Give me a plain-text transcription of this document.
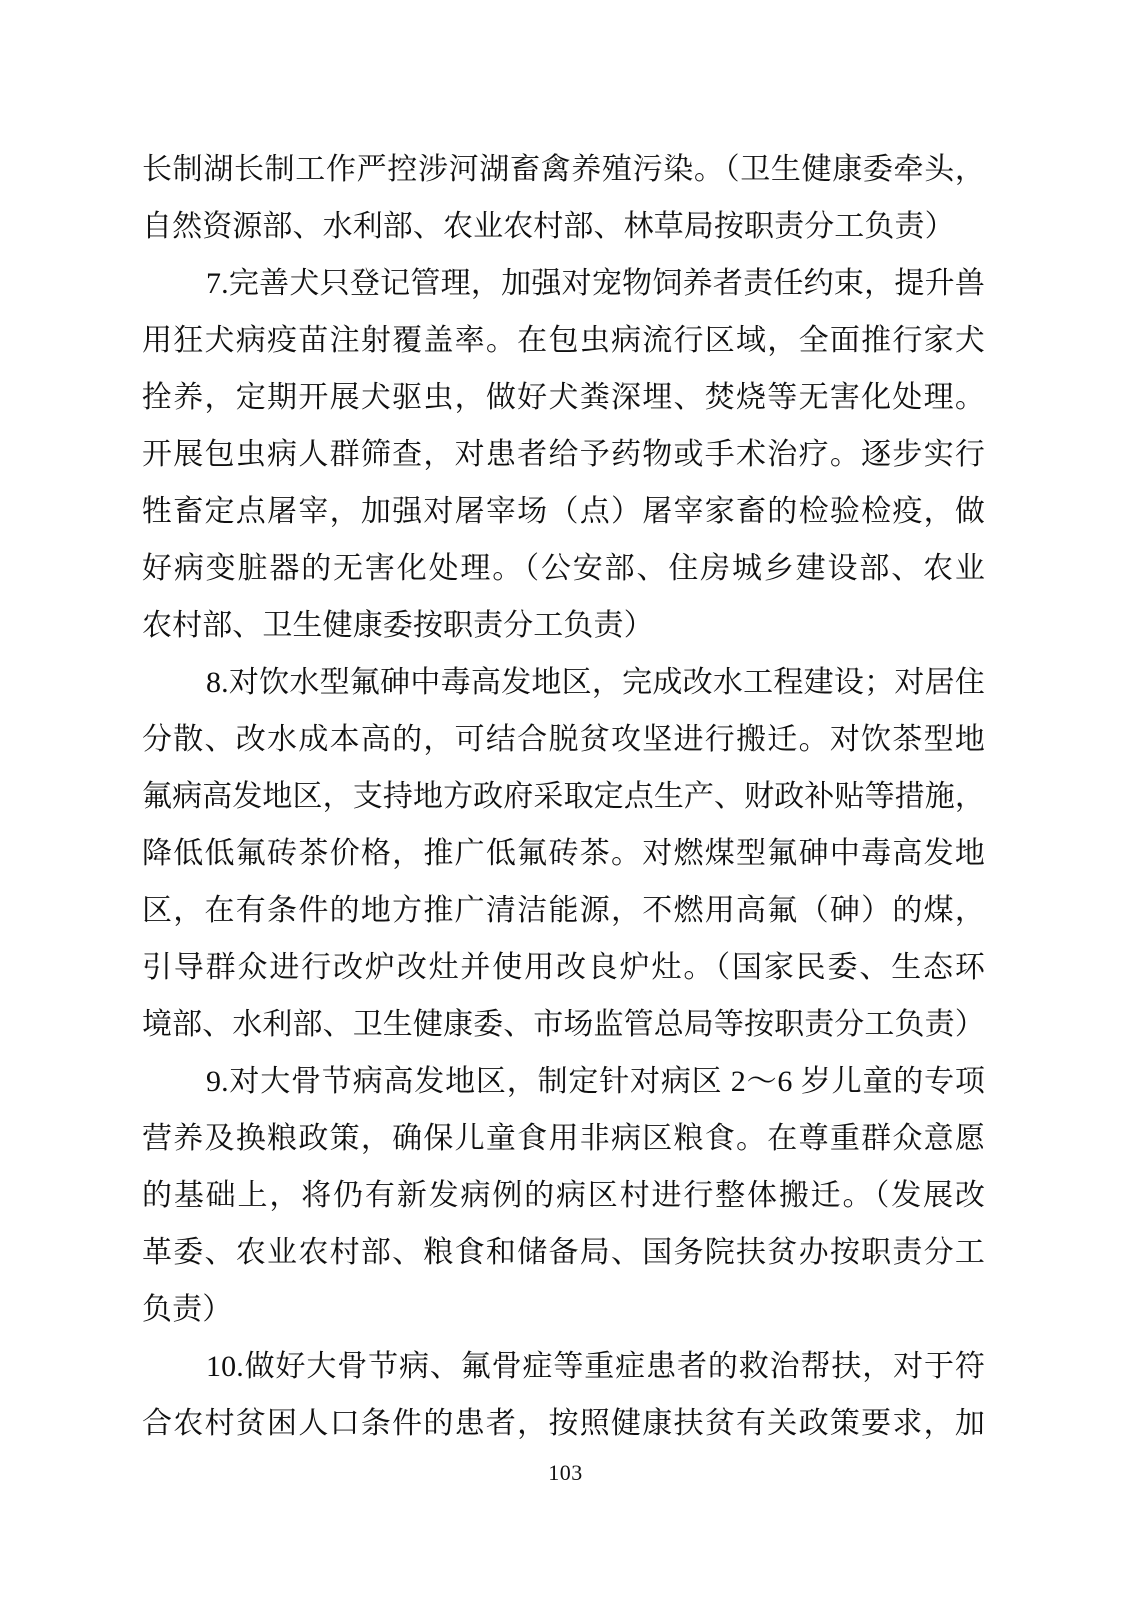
长制湖长制工作严控涉河湖畜禽养殖污染。（卫生健康委牵头，
自然资源部、水利部、农业农村部、林草局按职责分工负责）
7.完善犬只登记管理，加强对宠物饲养者责任约束，提升兽
用狂犬病疫苗注射覆盖率。在包虫病流行区域，全面推行家犬
拴养，定期开展犬驱虫，做好犬粪深埋、焚烧等无害化处理。
开展包虫病人群筛查，对患者给予药物或手术治疗。逐步实行
牲畜定点屠宰，加强对屠宰场（点）屠宰家畜的检验检疫，做
好病变脏器的无害化处理。（公安部、住房城乡建设部、农业
农村部、卫生健康委按职责分工负责）
8.对饮水型氟砷中毒高发地区，完成改水工程建设；对居住
分散、改水成本高的，可结合脱贫攻坚进行搬迁。对饮茶型地
氟病高发地区，支持地方政府采取定点生产、财政补贴等措施，
降低低氟砖茶价格，推广低氟砖茶。对燃煤型氟砷中毒高发地
区，在有条件的地方推广清洁能源，不燃用高氟（砷）的煤，
引导群众进行改炉改灶并使用改良炉灶。（国家民委、生态环
境部、水利部、卫生健康委、市场监管总局等按职责分工负责）
9.对大骨节病高发地区，制定针对病区 2～6 岁儿童的专项
营养及换粮政策，确保儿童食用非病区粮食。在尊重群众意愿
的基础上，将仍有新发病例的病区村进行整体搬迁。（发展改
革委、农业农村部、粮食和储备局、国务院扶贫办按职责分工
负责）
10.做好大骨节病、氟骨症等重症患者的救治帮扶，对于符
合农村贫困人口条件的患者，按照健康扶贫有关政策要求，加
103
